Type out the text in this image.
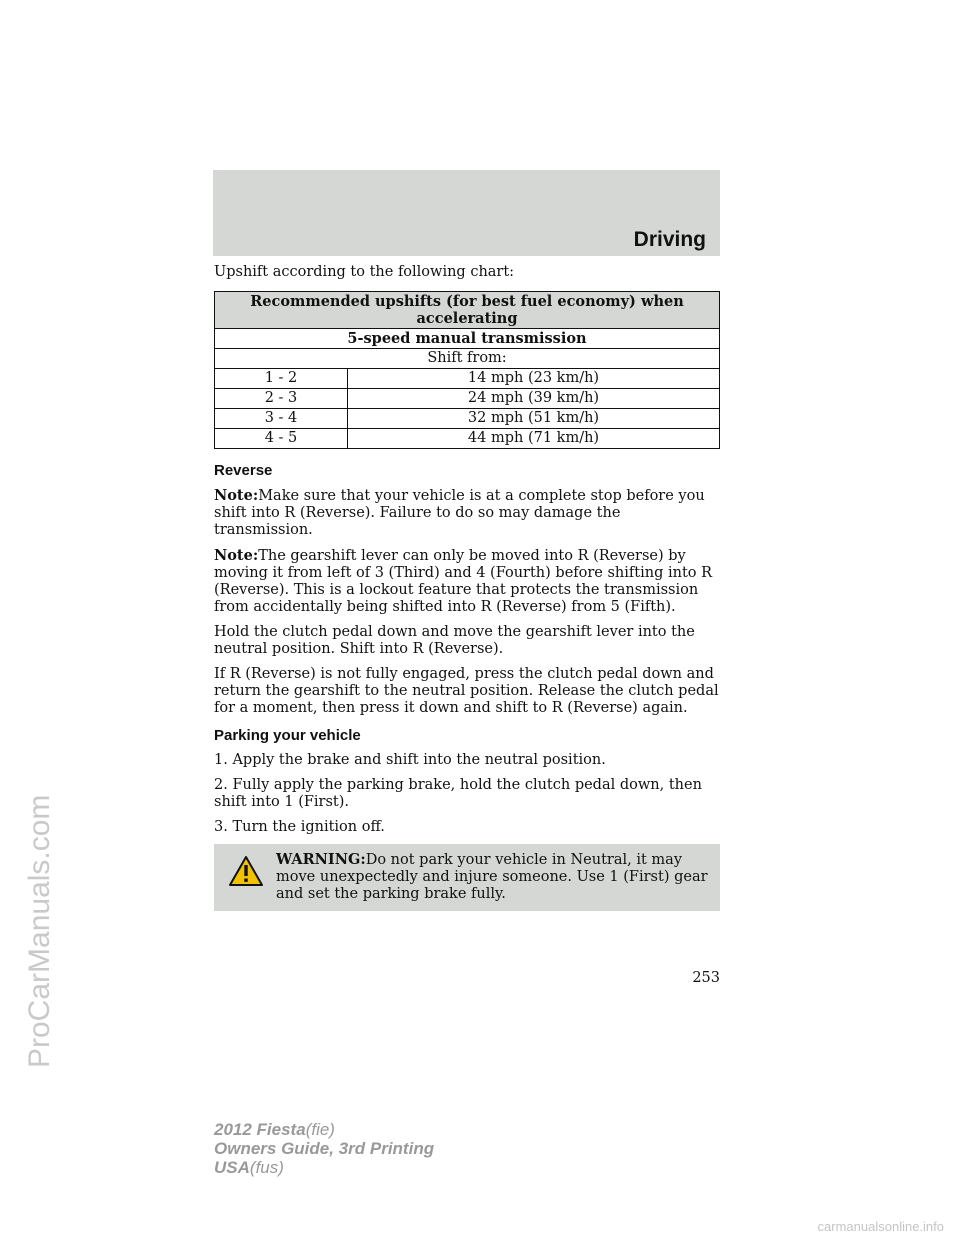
Driving
ProCarManuals.com

Upshift according to the following chart:

Recommended upshifts (for best fuel economy) when
accelerating	
5-speed manual transmission	
Shift from:	
1 - 2	14 mph (23 km/h)
2 - 3	24 mph (39 km/h)
3 - 4	32 mph (51 km/h)
4 - 5	44 mph (71 km/h)
Reverse

Note:Make sure that your vehicle is at a complete stop before you shift into R (Reverse). Failure to do so may damage the transmission.

Note:The gearshift lever can only be moved into R (Reverse) by moving it from left of 3 (Third) and 4 (Fourth) before shifting into R (Reverse). This is a lockout feature that protects the transmission from accidentally being shifted into R (Reverse) from 5 (Fifth).

Hold the clutch pedal down and move the gearshift lever into the neutral position. Shift into R (Reverse).

If R (Reverse) is not fully engaged, press the clutch pedal down and return the gearshift to the neutral position. Release the clutch pedal for a moment, then press it down and shift to R (Reverse) again.

Parking your vehicle

1. Apply the brake and shift into the neutral position.

2. Fully apply the parking brake, hold the clutch pedal down, then shift into 1 (First).

3. Turn the ignition off.

WARNING:Do not park your vehicle in Neutral, it may move unexpectedly and injure someone. Use 1 (First) gear and set the parking brake fully.
253
2012 Fiesta(fie)
Owners Guide, 3rd Printing
USA(fus)
carmanualsonline.info
